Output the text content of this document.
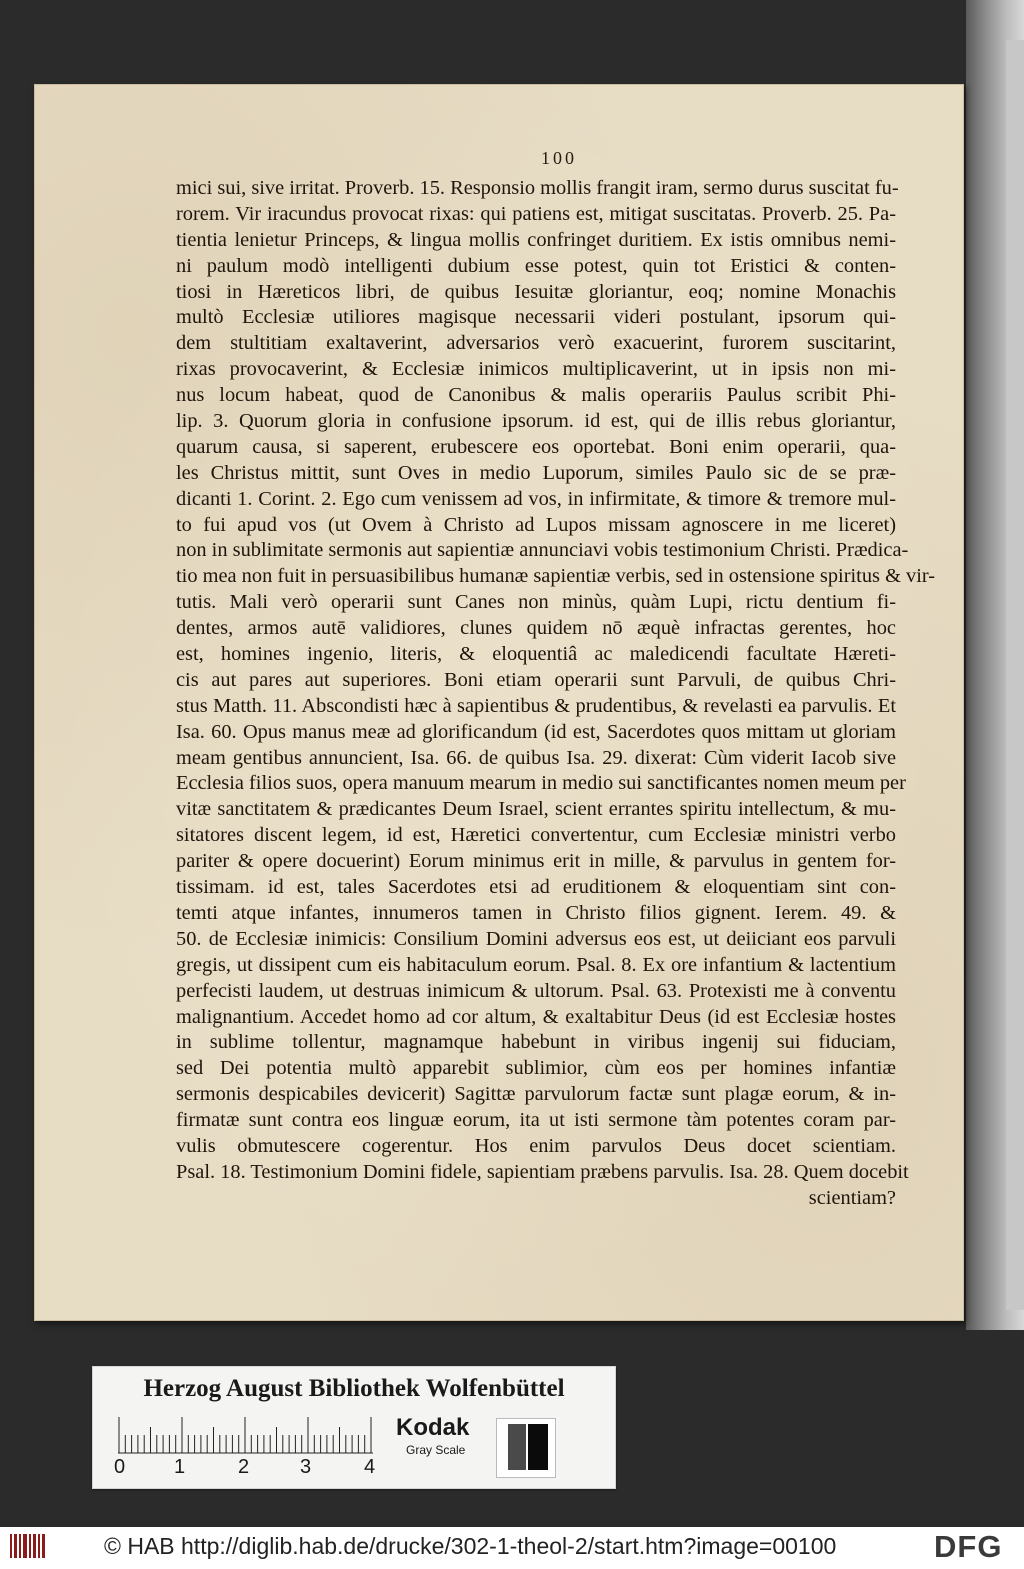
100
mici sui, sive irritat. Proverb. 15. Responsio mollis frangit iram, sermo durus suscitat fu-
rorem. Vir iracundus provocat rixas: qui patiens est, mitigat suscitatas. Proverb. 25. Pa-
tientia lenietur Princeps, & lingua mollis confringet duritiem. Ex istis omnibus nemi-
ni paulum modò intelligenti dubium esse potest, quin tot Eristici & conten-
tiosi in Hæreticos libri, de quibus Iesuitæ gloriantur, eoq; nomine Monachis
multò Ecclesiæ utiliores magisque necessarii videri postulant, ipsorum qui-
dem stultitiam exaltaverint, adversarios verò exacuerint, furorem suscitarint,
rixas provocaverint, & Ecclesiæ inimicos multiplicaverint, ut in ipsis non mi-
nus locum habeat, quod de Canonibus & malis operariis Paulus scribit Phi-
lip. 3. Quorum gloria in confusione ipsorum. id est, qui de illis rebus gloriantur,
quarum causa, si saperent, erubescere eos oportebat. Boni enim operarii, qua-
les Christus mittit, sunt Oves in medio Luporum, similes Paulo sic de se præ-
dicanti 1. Corint. 2. Ego cum venissem ad vos, in infirmitate, & timore & tremore mul-
to fui apud vos (ut Ovem à Christo ad Lupos missam agnoscere in me liceret)
non in sublimitate sermonis aut sapientiæ annunciavi vobis testimonium Christi. Prædica-
tio mea non fuit in persuasibilibus humanæ sapientiæ verbis, sed in ostensione spiritus & vir-
tutis. Mali verò operarii sunt Canes non minùs, quàm Lupi, rictu dentium fi-
dentes, armos autē validiores, clunes quidem nō æquè infractas gerentes, hoc
est, homines ingenio, literis, & eloquentiâ ac maledicendi facultate Hæreti-
cis aut pares aut superiores. Boni etiam operarii sunt Parvuli, de quibus Chri-
stus Matth. 11. Abscondisti hæc à sapientibus & prudentibus, & revelasti ea parvulis. Et
Isa. 60. Opus manus meæ ad glorificandum (id est, Sacerdotes quos mittam ut gloriam
meam gentibus annuncient, Isa. 66. de quibus Isa. 29. dixerat: Cùm viderit Iacob sive
Ecclesia filios suos, opera manuum mearum in medio sui sanctificantes nomen meum per
vitæ sanctitatem & prædicantes Deum Israel, scient errantes spiritu intellectum, & mu-
sitatores discent legem, id est, Hæretici convertentur, cum Ecclesiæ ministri verbo
pariter & opere docuerint) Eorum minimus erit in mille, & parvulus in gentem for-
tissimam. id est, tales Sacerdotes etsi ad eruditionem & eloquentiam sint con-
temti atque infantes, innumeros tamen in Christo filios gignent. Ierem. 49. &
50. de Ecclesiæ inimicis: Consilium Domini adversus eos est, ut deiiciant eos parvuli
gregis, ut dissipent cum eis habitaculum eorum. Psal. 8. Ex ore infantium & lactentium
perfecisti laudem, ut destruas inimicum & ultorum. Psal. 63. Protexisti me à conventu
malignantium. Accedet homo ad cor altum, & exaltabitur Deus (id est Ecclesiæ hostes
in sublime tollentur, magnamque habebunt in viribus ingenij sui fiduciam,
sed Dei potentia multò apparebit sublimior, cùm eos per homines infantiæ
sermonis despicabiles devicerit) Sagittæ parvulorum factæ sunt plagæ eorum, & in-
firmatæ sunt contra eos linguæ eorum, ita ut isti sermone tàm potentes coram par-
vulis obmutescere cogerentur. Hos enim parvulos Deus docet scientiam.
Psal. 18. Testimonium Domini fidele, sapientiam præbens parvulis. Isa. 28. Quem docebit
scientiam?
Herzog August Bibliothek Wolfenbüttel
0 1	2	3	4
Kodak
Gray Scale
© HAB http://diglib.hab.de/drucke/302-1-theol-2/start.htm?image=00100	DFG
